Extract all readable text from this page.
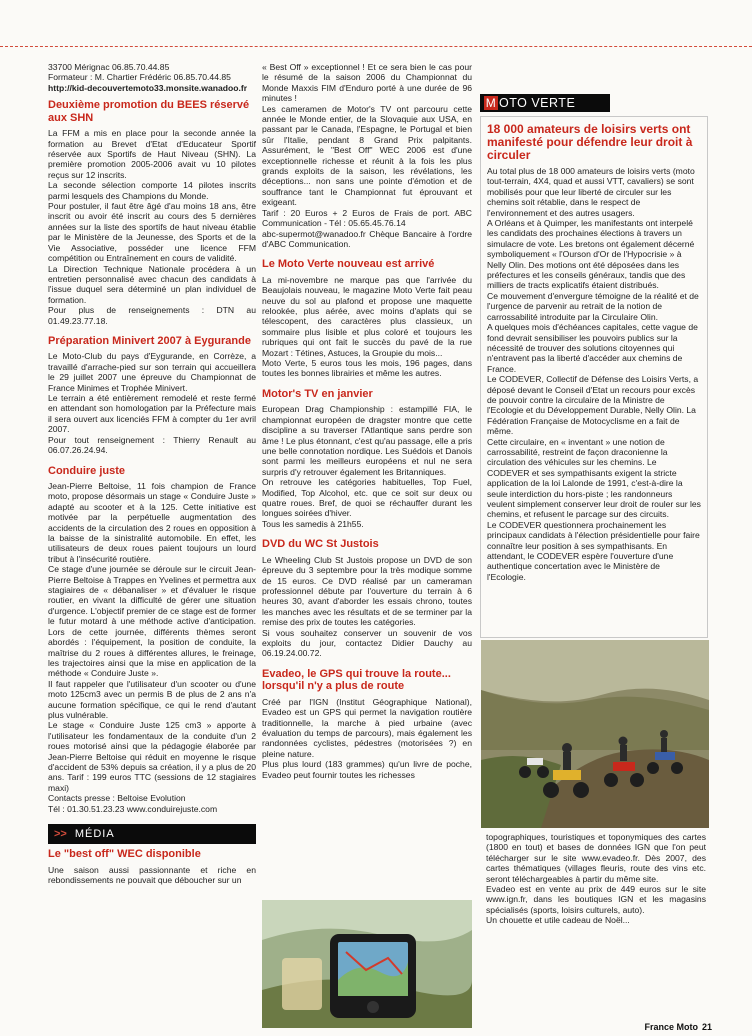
33700 Mérignac 06.85.70.44.85

Formateur : M. Chartier Frédéric 06.85.70.44.85

http://kid-decouvertemoto33.monsite.wanadoo.fr

Deuxième promotion du BEES réservé aux SHN

La FFM a mis en place pour la seconde année la formation au Brevet d'Etat d'Educateur Sportif réservée aux Sportifs de Haut Niveau (SHN). La première promotion 2005-2006 avait vu 10 pilotes reçus sur 12 inscrits.

La seconde sélection comporte 14 pilotes inscrits parmi lesquels des Champions du Monde.

Pour postuler, il faut être âgé d'au moins 18 ans, être inscrit ou avoir été inscrit au cours des 5 dernières années sur la liste des sportifs de haut niveau établie par le Ministère de la Jeunesse, des Sports et de la Vie Associative, posséder une licence FFM compétition ou Entraînement en cours de validité.

La Direction Technique Nationale procédera à un entretien personnalisé avec chacun des candidats à l'issue duquel sera déterminé un plan individuel de formation.

Pour plus de renseignements : DTN au 01.49.23.77.18.

Préparation Minivert 2007 à Eygurande

Le Moto-Club du pays d'Eygurande, en Corrèze, a travaillé d'arrache-pied sur son terrain qui accueillera le 29 juillet 2007 une épreuve du Championnat de France Minimes et Trophée Minivert.

Le terrain a été entièrement remodelé et reste fermé en attendant son homologation par la Préfecture mais il sera ouvert aux licenciés FFM à compter du 1er avril 2007.

Pour tout renseignement : Thierry Renault au 06.07.26.24.94.

Conduire juste

Jean-Pierre Beltoise, 11 fois champion de France moto, propose désormais un stage « Conduire Juste » adapté au scooter et à la 125. Cette initiative est motivée par la perpétuelle augmentation des accidents de la circulation des 2 roues en opposition à la baisse de la sinistralité automobile. En effet, les utilisateurs de deux roues paient toujours un lourd tribut à l'insécurité routière.

Ce stage d'une journée se déroule sur le circuit Jean-Pierre Beltoise à Trappes en Yvelines et permettra aux stagiaires de « débanaliser » et d'évaluer le risque routier, en vivant la difficulté de gérer une situation d'urgence. L'objectif premier de ce stage est de former le futur motard à une méthode active d'anticipation. Lors de cette journée, différents thèmes seront abordés : l'équipement, la position de conduite, la maîtrise du 2 roues à différentes allures, le freinage, les trajectoires ainsi que la mise en application de la méthode « Conduire Juste ».

Il faut rappeler que l'utilisateur d'un scooter ou d'une moto 125cm3 avec un permis B de plus de 2 ans n'a aucune formation spécifique, ce qui le rend d'autant plus vulnérable.

Le stage « Conduire Juste 125 cm3 » apporte à l'utilisateur les fondamentaux de la conduite d'un 2 roues motorisé ainsi que la pédagogie élaborée par Jean-Pierre Beltoise qui réduit en moyenne le risque d'accident de 53% depuis sa création, il y a plus de 20 ans. Tarif : 199 euros TTC (sessions de 12 stagiaires maxi)

Contacts presse : Beltoise Evolution

Tél : 01.30.51.23.23 www.conduirejuste.com

>> MÉDIA
Le "best off" WEC disponible

Une saison aussi passionnante et riche en rebondissements ne pouvait que déboucher sur un

« Best Off » exceptionnel ! Et ce sera bien le cas pour le résumé de la saison 2006 du Championnat du Monde Maxxis FIM d'Enduro porté à une durée de 96 minutes !

Les cameramen de Motor's TV ont parcouru cette année le Monde entier, de la Slovaquie aux USA, en passant par le Canada, l'Espagne, le Portugal et bien sûr l'Italie, pendant 8 Grand Prix palpitants. Assurément, le "Best Off" WEC 2006 est d'une exceptionnelle richesse et réunit à la fois les plus grands exploits de la saison, les révélations, les déceptions... non sans une pointe d'émotion et de souffrance tant le Championnat fut éprouvant et exigeant.

Tarif : 20 Euros + 2 Euros de Frais de port. ABC Communication - Tél : 05.65.45.76.14

abc-supermot@wanadoo.fr Chèque Bancaire à l'ordre d'ABC Communication.

Le Moto Verte nouveau est arrivé

La mi-novembre ne marque pas que l'arrivée du Beaujolais nouveau, le magazine Moto Verte fait peau neuve du sol au plafond et propose une maquette relookée, plus aérée, avec moins d'aplats qui se télescopent, des caractères plus classieux, un sommaire plus lisible et plus coloré et toujours les rubriques qui ont fait le succès du pavé de la rue Mozart : Tétines, Astuces, la Groupie du mois...

Moto Verte, 5 euros tous les mois, 196 pages, dans toutes les bonnes librairies et même les autres.

Motor's TV en janvier

European Drag Championship : estampillé FIA, le championnat européen de dragster montre que cette discipline a su traverser l'Atlantique sans perdre son âme ! Le plus étonnant, c'est qu'au passage, elle a pris une belle connotation nordique. Les Suédois et Danois sont parmi les meilleurs européens et nul ne sera surpris d'y retrouver également les Britanniques.

On retrouve les catégories habituelles, Top Fuel, Modified, Top Alcohol, etc. que ce soit sur deux ou quatre roues. Bref, de quoi se réchauffer durant les longues soirées d'hiver.

Tous les samedis à 21h55.

DVD du WC St Justois

Le Wheeling Club St Justois propose un DVD de son épreuve du 3 septembre pour la très modique somme de 15 euros. Ce DVD réalisé par un cameraman professionnel débute par l'ouverture du terrain à 6 heures 30, avant d'aborder les essais chrono, toutes les manches avec les résultats et de se terminer par la remise des prix de toutes les catégories.

Si vous souhaitez conserver un souvenir de vos exploits du jour, contactez Didier Dauchy au 06.19.24.00.72.

Evadeo, le GPS qui trouve la route... lorsqu'il n'y a plus de route

Créé par l'IGN (Institut Géographique National), Evadeo est un GPS qui permet la navigation routière traditionnelle, la marche à pied urbaine (avec évaluation du temps de parcours), mais également les randonnées cyclistes, pédestres (motorisées ?) en pleine nature.

Plus plus lourd (183 grammes) qu'un livre de poche, Evadeo peut fournir toutes les richesses

M OTO VERTE
18 000 amateurs de loisirs verts ont manifesté pour défendre leur droit à circuler

Au total plus de 18 000 amateurs de loisirs verts (moto tout-terrain, 4X4, quad et aussi VTT, cavaliers) se sont mobilisés pour que leur liberté de circuler sur les chemins soit rétablie, dans le respect de l'environnement et des autres usagers.

A Orléans et à Quimper, les manifestants ont interpelé les candidats des prochaines élections à travers un simulacre de vote. Les bretons ont également décerné symboliquement « l'Ourson d'Or de l'Hypocrisie » à Nelly Olin. Des motions ont été déposées dans les préfectures et les conseils généraux, tandis que des milliers de tracts explicatifs étaient distribués.

Ce mouvement d'envergure témoigne de la réalité et de l'urgence de parvenir au retrait de la notion de carrossabilité introduite par la Circulaire Olin.

A quelques mois d'échéances capitales, cette vague de fond devrait sensibiliser les pouvoirs publics sur la nécessité de trouver des solutions citoyennes qui n'entravent pas la liberté d'accéder aux chemins de France.

Le CODEVER, Collectif de Défense des Loisirs Verts, a déposé devant le Conseil d'Etat un recours pour excès de pouvoir contre la circulaire de la Ministre de l'Ecologie et du Développement Durable, Nelly Olin. La Fédération Française de Motocyclisme en a fait de même.

Cette circulaire, en « inventant » une notion de carrossabilité, restreint de façon draconienne la circulation des véhicules sur les chemins. Le CODEVER et ses sympathisants exigent la stricte application de la loi Lalonde de 1991, c'est-à-dire la seule interdiction du hors-piste ; les randonneurs veulent simplement conserver leur droit de rouler sur les chemins, et refusent le parcage sur des circuits.

Le CODEVER questionnera prochainement les principaux candidats à l'élection présidentielle pour faire connaître leur position à ses sympathisants. En attendant, le CODEVER espère l'ouverture d'une authentique concertation avec le Ministère de l'Ecologie.

topographiques, touristiques et toponymiques des cartes (1800 en tout) et bases de données IGN que l'on peut télécharger sur le site www.evadeo.fr. Dès 2007, des cartes thématiques (villages fleuris, route des vins etc. seront téléchargeables à partir du même site.

Evadeo est en vente au prix de 449 euros sur le site www.ign.fr, dans les boutiques IGN et les magasins spécialisés (sports, loisirs culturels, auto).

Un chouette et utile cadeau de Noël...

France Moto 21
